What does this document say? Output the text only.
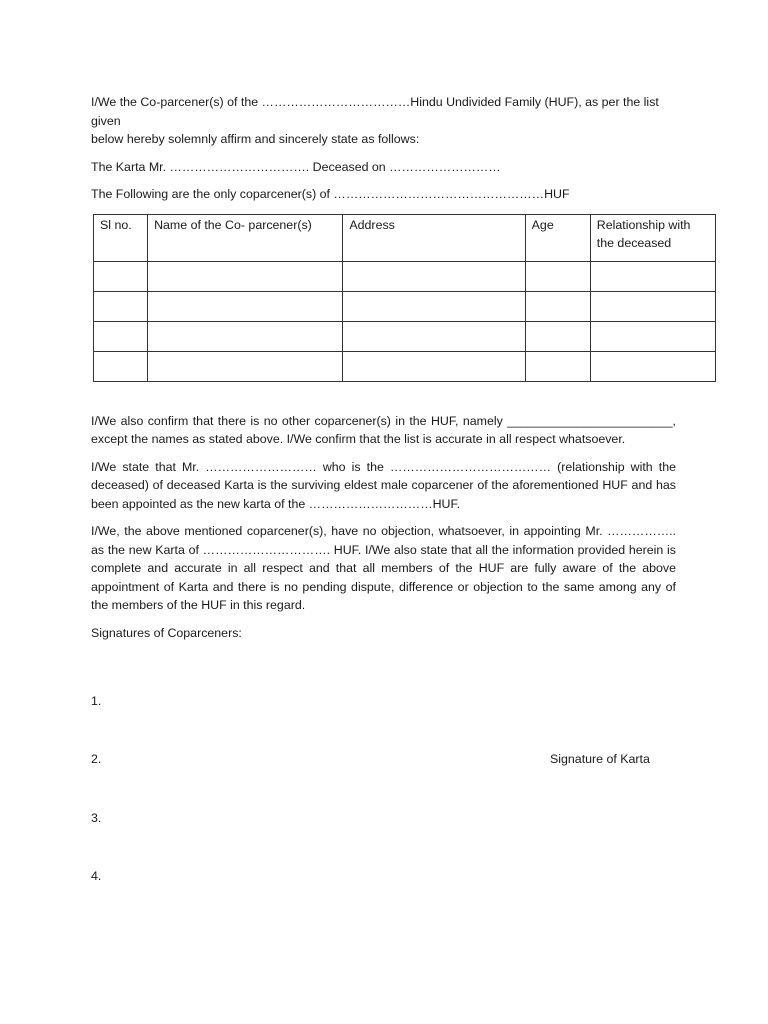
I/We the Co-parcener(s) of the ………………………………Hindu Undivided Family (HUF), as per the list given
below hereby solemnly affirm and sincerely state as follows:

The Karta Mr. ……………………………. Deceased on ………………………

The Following are the only coparcener(s) of ……………………………………………HUF

Sl no.	Name of the Co- parcener(s)	Address	Age	Relationship with the deceased

I/We also confirm that there is no other coparcener(s) in the HUF, namely ________________________, except the names as stated above. I/We confirm that the list is accurate in all respect whatsoever.

I/We state that Mr. ……………………… who is the ………………………………… (relationship with the deceased) of deceased Karta is the surviving eldest male coparcener of the aforementioned HUF and has been appointed as the new karta of the …………………………HUF.

I/We, the above mentioned coparcener(s), have no objection, whatsoever, in appointing Mr. …………….. as the new Karta of …………………………. HUF. I/We also state that all the information provided herein is complete and accurate in all respect and that all members of the HUF are fully aware of the above appointment of Karta and there is no pending dispute, difference or objection to the same among any of the members of the HUF in this regard.

Signatures of Coparceners:

1.
2.	Signature of Karta
3.
4.
